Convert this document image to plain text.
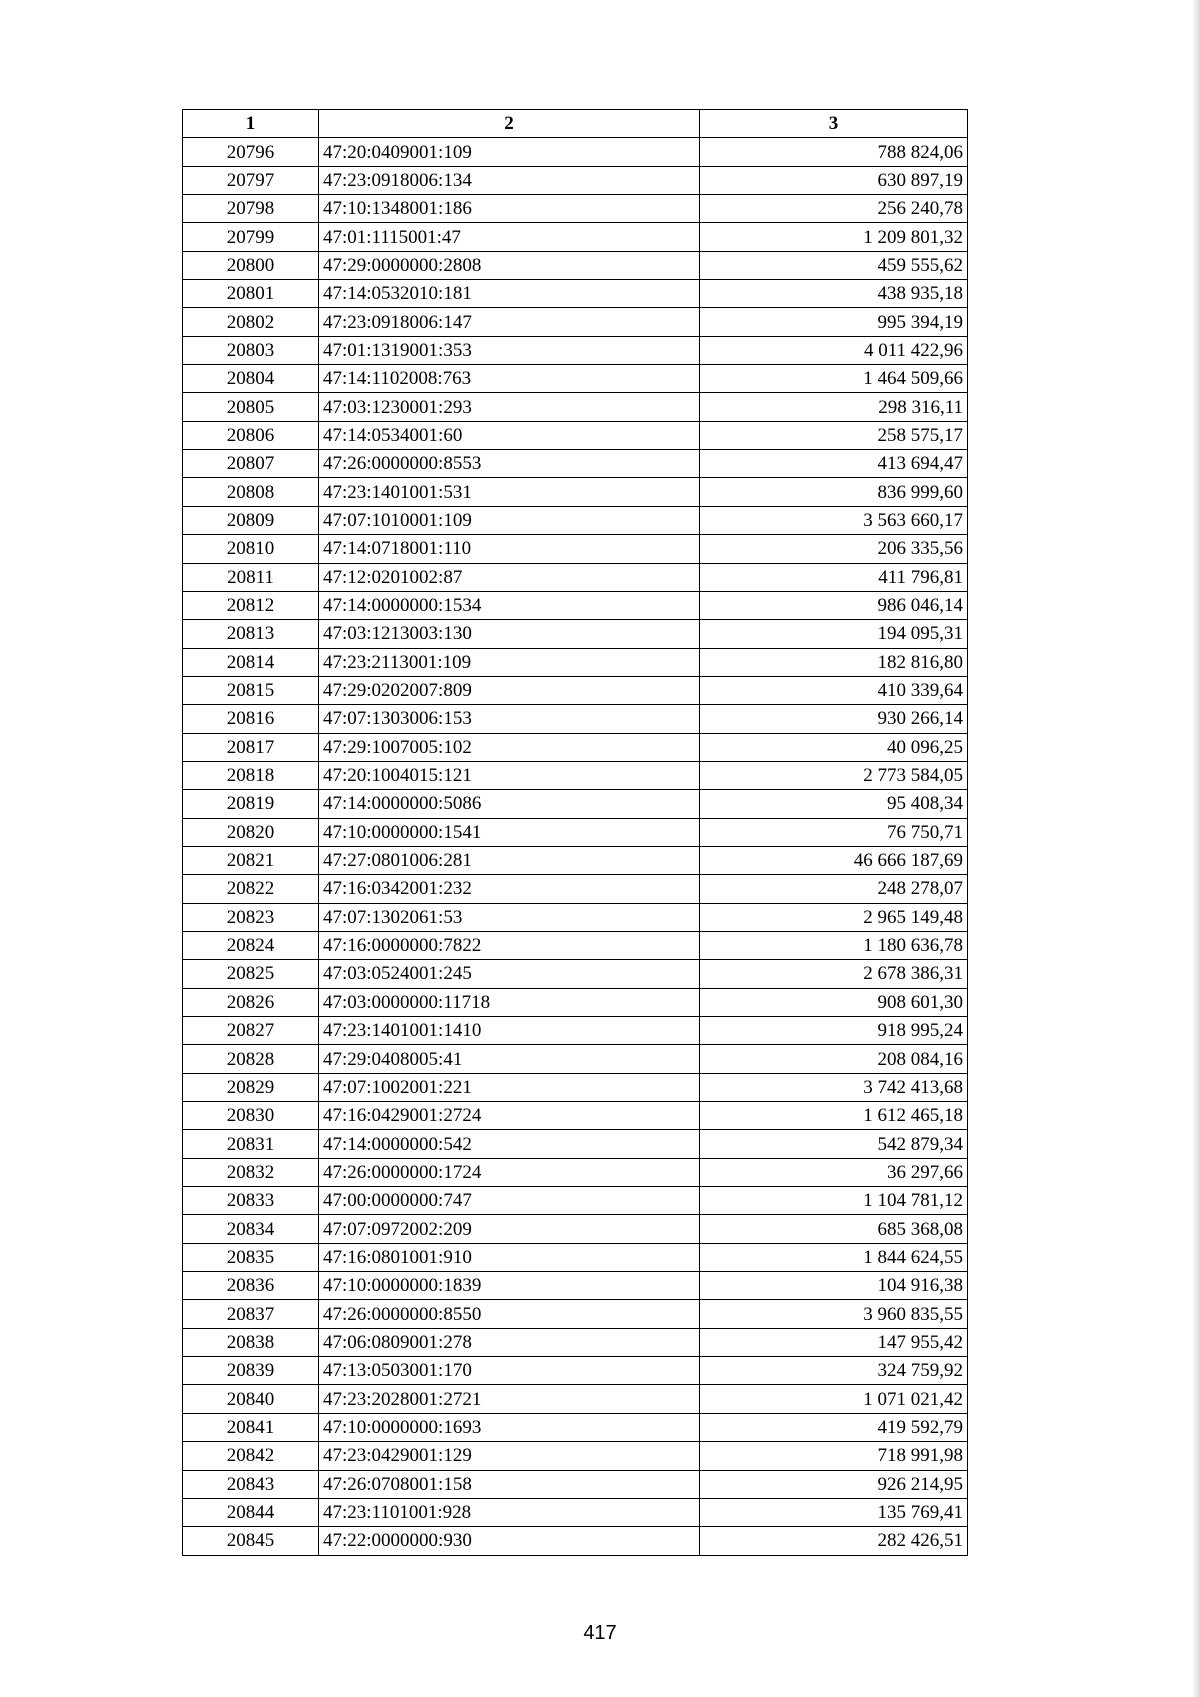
1	2	3
20796	47:20:0409001:109	788 824,06
20797	47:23:0918006:134	630 897,19
20798	47:10:1348001:186	256 240,78
20799	47:01:1115001:47	1 209 801,32
20800	47:29:0000000:2808	459 555,62
20801	47:14:0532010:181	438 935,18
20802	47:23:0918006:147	995 394,19
20803	47:01:1319001:353	4 011 422,96
20804	47:14:1102008:763	1 464 509,66
20805	47:03:1230001:293	298 316,11
20806	47:14:0534001:60	258 575,17
20807	47:26:0000000:8553	413 694,47
20808	47:23:1401001:531	836 999,60
20809	47:07:1010001:109	3 563 660,17
20810	47:14:0718001:110	206 335,56
20811	47:12:0201002:87	411 796,81
20812	47:14:0000000:1534	986 046,14
20813	47:03:1213003:130	194 095,31
20814	47:23:2113001:109	182 816,80
20815	47:29:0202007:809	410 339,64
20816	47:07:1303006:153	930 266,14
20817	47:29:1007005:102	40 096,25
20818	47:20:1004015:121	2 773 584,05
20819	47:14:0000000:5086	95 408,34
20820	47:10:0000000:1541	76 750,71
20821	47:27:0801006:281	46 666 187,69
20822	47:16:0342001:232	248 278,07
20823	47:07:1302061:53	2 965 149,48
20824	47:16:0000000:7822	1 180 636,78
20825	47:03:0524001:245	2 678 386,31
20826	47:03:0000000:11718	908 601,30
20827	47:23:1401001:1410	918 995,24
20828	47:29:0408005:41	208 084,16
20829	47:07:1002001:221	3 742 413,68
20830	47:16:0429001:2724	1 612 465,18
20831	47:14:0000000:542	542 879,34
20832	47:26:0000000:1724	36 297,66
20833	47:00:0000000:747	1 104 781,12
20834	47:07:0972002:209	685 368,08
20835	47:16:0801001:910	1 844 624,55
20836	47:10:0000000:1839	104 916,38
20837	47:26:0000000:8550	3 960 835,55
20838	47:06:0809001:278	147 955,42
20839	47:13:0503001:170	324 759,92
20840	47:23:2028001:2721	1 071 021,42
20841	47:10:0000000:1693	419 592,79
20842	47:23:0429001:129	718 991,98
20843	47:26:0708001:158	926 214,95
20844	47:23:1101001:928	135 769,41
20845	47:22:0000000:930	282 426,51
417
